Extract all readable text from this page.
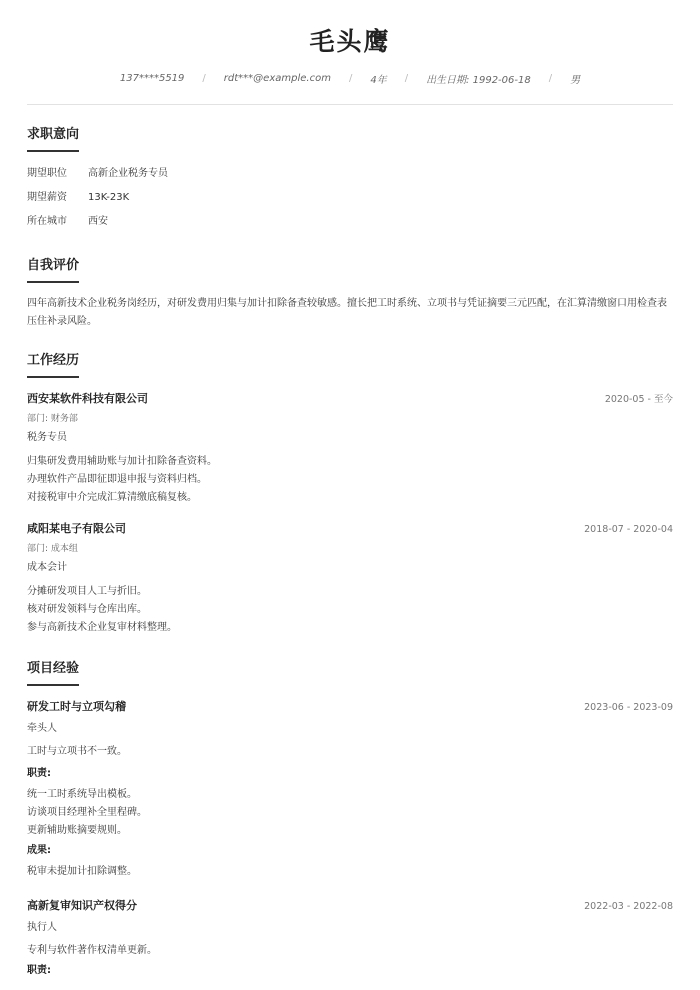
毛头鹰
137****5519 / rdt***@example.com / 4年 / 出生日期: 1992-06-18 / 男
求职意向
期望职位	高新企业税务专员
期望薪资	13K-23K
所在城市	西安
自我评价
四年高新技术企业税务岗经历，对研发费用归集与加计扣除备查较敏感。擅长把工时系统、立项书与凭证摘要三元匹配，在汇算清缴窗口用检查表压住补录风险。
工作经历
西安某软件科技有限公司	2020-05 - 至今
部门: 财务部
税务专员
归集研发费用辅助账与加计扣除备查资料。
办理软件产品即征即退申报与资料归档。
对接税审中介完成汇算清缴底稿复核。
咸阳某电子有限公司	2018-07 - 2020-04
部门: 成本组
成本会计
分摊研发项目人工与折旧。
核对研发领料与仓库出库。
参与高新技术企业复审材料整理。
项目经验
研发工时与立项勾稽	2023-06 - 2023-09
牵头人
工时与立项书不一致。
职责:
统一工时系统导出模板。
访谈项目经理补全里程碑。
更新辅助账摘要规则。
成果:
税审未提加计扣除调整。
高新复审知识产权得分	2022-03 - 2022-08
执行人
专利与软件著作权清单更新。
职责:
